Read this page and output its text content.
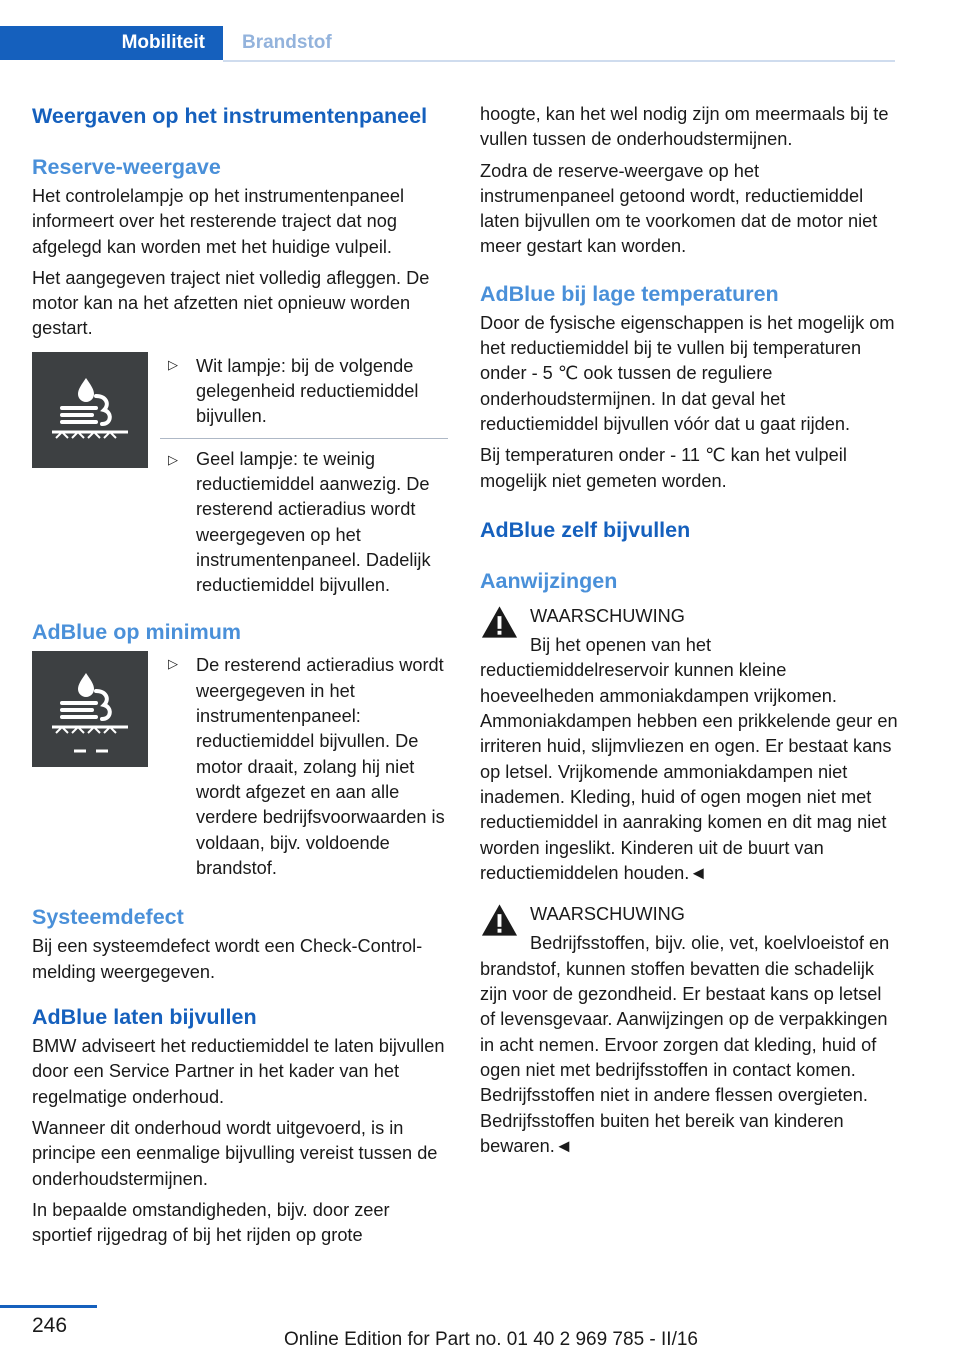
Mobiliteit Brandstof
Weergaven op het instrumentenpaneel
Reserve-weergave

Het controlelampje op het instrumentenpaneel informeert over het resterende traject dat nog afgelegd kan worden met het huidige vulpeil.

Het aangegeven traject niet volledig afleggen. De motor kan na het afzetten niet opnieuw worden gestart.

▷ Wit lampje: bij de volgende gelegenheid reductiemiddel bijvullen.
▷ Geel lampje: te weinig reductiemiddel aanwezig. De resterend actieradius wordt weergegeven op het instrumentenpaneel. Dadelijk reductiemiddel bijvullen.
AdBlue op minimum
▷ De resterend actieradius wordt weergegeven in het instrumentenpaneel: reductiemiddel bijvullen. De motor draait, zolang hij niet wordt afgezet en aan alle verdere bedrijfsvoorwaarden is voldaan, bijv. voldoende brandstof.
Systeemdefect

Bij een systeemdefect wordt een Check-Control-melding weergegeven.

AdBlue laten bijvullen

BMW adviseert het reductiemiddel te laten bijvullen door een Service Partner in het kader van het regelmatige onderhoud.

Wanneer dit onderhoud wordt uitgevoerd, is in principe een eenmalige bijvulling vereist tussen de onderhoudstermijnen.

In bepaalde omstandigheden, bijv. door zeer sportief rijgedrag of bij het rijden op grote

hoogte, kan het wel nodig zijn om meermaals bij te vullen tussen de onderhoudstermijnen.

Zodra de reserve-weergave op het instrumenpaneel getoond wordt, reductiemiddel laten bijvullen om te voorkomen dat de motor niet meer gestart kan worden.

AdBlue bij lage temperaturen

Door de fysische eigenschappen is het mogelijk om het reductiemiddel bij te vullen bij temperaturen onder - 5 ℃ ook tussen de reguliere onderhoudstermijnen. In dat geval het reductiemiddel bijvullen vóór dat u gaat rijden.

Bij temperaturen onder - 11 ℃ kan het vulpeil mogelijk niet gemeten worden.

AdBlue zelf bijvullen
Aanwijzingen

WAARSCHUWING

Bij het openen van het reductiemiddelreservoir kunnen kleine hoeveelheden ammoniakdampen vrijkomen. Ammoniakdampen hebben een prikkelende geur en irriteren huid, slijmvliezen en ogen. Er bestaat kans op letsel. Vrijkomende ammoniakdampen niet inademen. Kleding, huid of ogen mogen niet met reductiemiddel in aanraking komen en dit mag niet worden ingeslikt. Kinderen uit de buurt van reductiemiddelen houden.◄

WAARSCHUWING

Bedrijfsstoffen, bijv. olie, vet, koelvloeistof en brandstof, kunnen stoffen bevatten die schadelijk zijn voor de gezondheid. Er bestaat kans op letsel of levensgevaar. Aanwijzingen op de verpakkingen in acht nemen. Ervoor zorgen dat kleding, huid of ogen niet met bedrijfsstoffen in contact komen. Bedrijfsstoffen niet in andere flessen overgieten. Bedrijfsstoffen buiten het bereik van kinderen bewaren.◄

246
Online Edition for Part no. 01 40 2 969 785 - II/16
